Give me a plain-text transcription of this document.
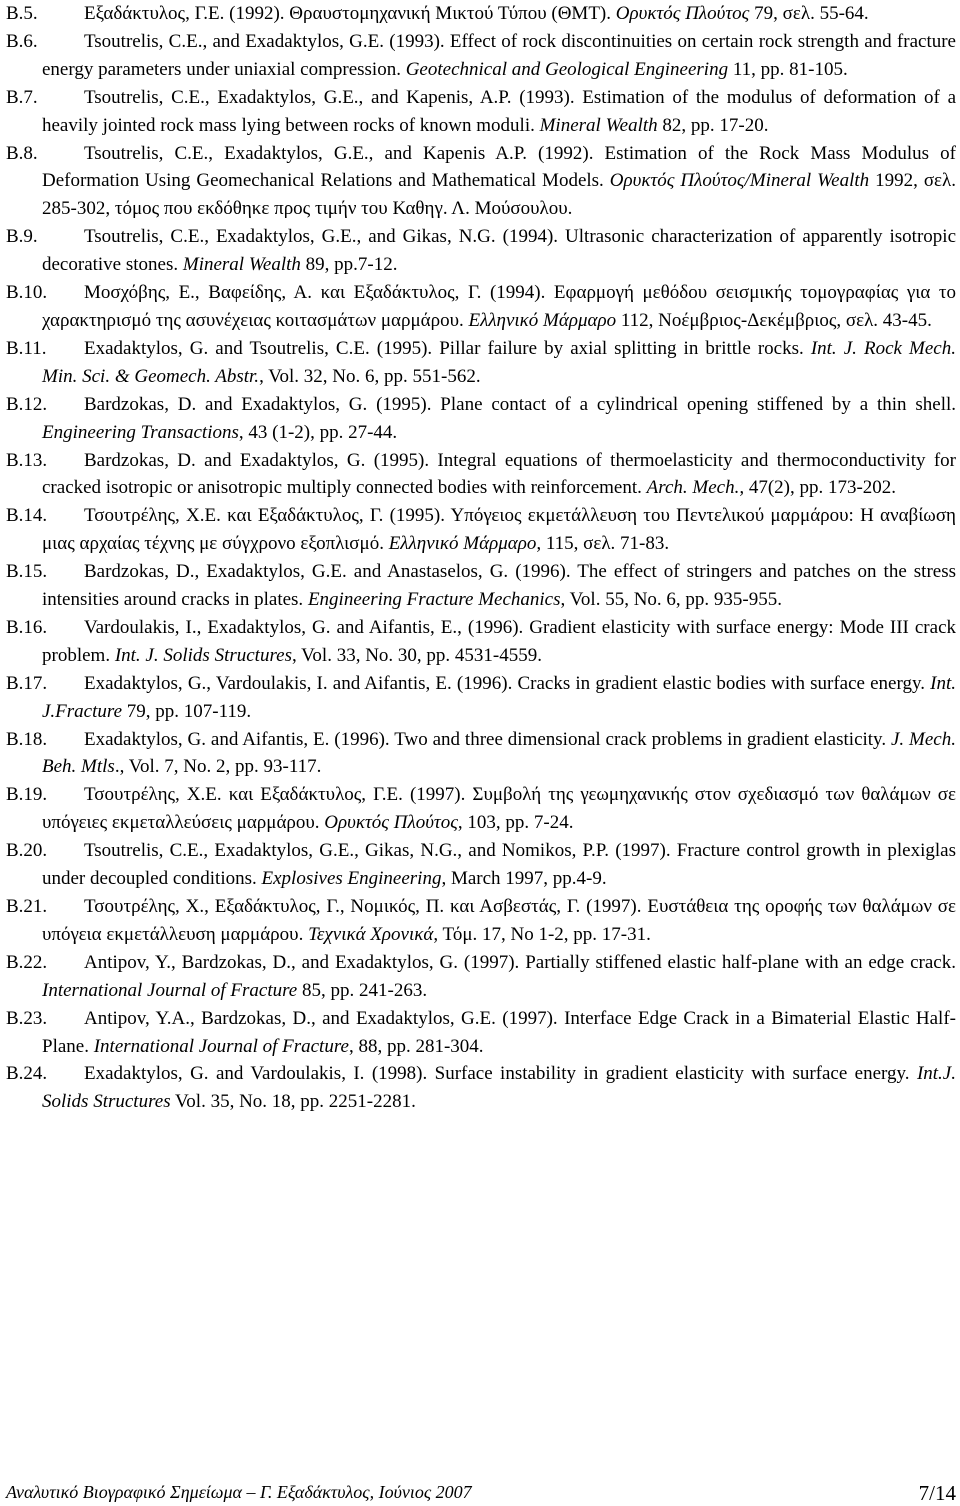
B.5.	Εξαδάκτυλος, Γ.Ε. (1992). Θραυστομηχανική Μικτού Τύπου (ΘΜΤ). Ορυκτός Πλούτος 79, σελ. 55-64.
B.6.	Tsoutrelis, C.E., and Exadaktylos, G.E. (1993). Effect of rock discontinuities on certain rock strength and fracture energy parameters under uniaxial compression. Geotechnical and Geological Engineering 11, pp. 81-105.
B.7.	Tsoutrelis, C.E., Exadaktylos, G.E., and Kapenis, A.P. (1993). Estimation of the modulus of deformation of a heavily jointed rock mass lying between rocks of known moduli. Mineral Wealth 82, pp. 17-20.
B.8.	Tsoutrelis, C.E., Exadaktylos, G.E., and Kapenis A.P. (1992). Estimation of the Rock Mass Modulus of Deformation Using Geomechanical Relations and Mathematical Models. Ορυκτός Πλούτος/Mineral Wealth 1992, σελ. 285-302, τόμος που εκδόθηκε προς τιμήν του Καθηγ. Λ. Μούσουλου.
B.9.	Tsoutrelis, C.E., Exadaktylos, G.E., and Gikas, N.G. (1994). Ultrasonic characterization of apparently isotropic decorative stones. Mineral Wealth 89, pp.7-12.
B.10.	Μοσχόβης, Ε., Βαφείδης, Α. και Εξαδάκτυλος, Γ. (1994). Εφαρμογή μεθόδου σεισμικής τομογραφίας για το χαρακτηρισμό της ασυνέχειας κοιτασμάτων μαρμάρου. Ελληνικό Μάρμαρο 112, Νοέμβριος-Δεκέμβριος, σελ. 43-45.
B.11.	Exadaktylos, G. and Tsoutrelis, C.E. (1995). Pillar failure by axial splitting in brittle rocks. Int. J. Rock Mech. Min. Sci. & Geomech. Abstr., Vol. 32, No. 6, pp. 551-562.
B.12.	Bardzokas, D. and Exadaktylos, G. (1995). Plane contact of a cylindrical opening stiffened by a thin shell. Engineering Transactions, 43 (1-2), pp. 27-44.
B.13.	Bardzokas, D. and Exadaktylos, G. (1995). Integral equations of thermoelasticity and thermoconductivity for cracked isotropic or anisotropic multiply connected bodies with reinforcement. Arch. Mech., 47(2), pp. 173-202.
B.14.	Τσουτρέλης, Χ.Ε. και Εξαδάκτυλος, Γ. (1995). Υπόγειος εκμετάλλευση του Πεντελικού μαρμάρου: Η αναβίωση μιας αρχαίας τέχνης με σύγχρονο εξοπλισμό. Ελληνικό Μάρμαρο, 115, σελ. 71-83.
B.15.	Bardzokas, D., Exadaktylos, G.E. and Anastaselos, G. (1996). The effect of stringers and patches on the stress intensities around cracks in plates. Engineering Fracture Mechanics, Vol. 55, No. 6, pp. 935-955.
B.16.	Vardoulakis, I., Exadaktylos, G. and Aifantis, E., (1996). Gradient elasticity with surface energy: Mode III crack problem. Int. J. Solids Structures, Vol. 33, No. 30, pp. 4531-4559.
B.17.	Exadaktylos, G., Vardoulakis, I. and Aifantis, E. (1996). Cracks in gradient elastic bodies with surface energy. Int. J.Fracture 79, pp. 107-119.
B.18.	Exadaktylos, G. and Aifantis, E. (1996). Two and three dimensional crack problems in gradient elasticity. J. Mech. Beh. Mtls., Vol. 7, No. 2, pp. 93-117.
B.19.	Τσουτρέλης, Χ.Ε. και Εξαδάκτυλος, Γ.Ε. (1997). Συμβολή της γεωμηχανικής στον σχεδιασμό των θαλάμων σε υπόγειες εκμεταλλεύσεις μαρμάρου. Ορυκτός Πλούτος, 103, pp. 7-24.
B.20.	Tsoutrelis, C.E., Exadaktylos, G.E., Gikas, N.G., and Nomikos, P.P. (1997). Fracture control growth in plexiglas under decoupled conditions. Explosives Engineering, March 1997, pp.4-9.
B.21.	Τσουτρέλης, Χ., Εξαδάκτυλος, Γ., Νομικός, Π. και Ασβεστάς, Γ. (1997). Ευστάθεια της οροφής των θαλάμων σε υπόγεια εκμετάλλευση μαρμάρου. Τεχνικά Χρονικά, Τόμ. 17, No 1-2, pp. 17-31.
B.22.	Antipov, Y., Bardzokas, D., and Exadaktylos, G. (1997). Partially stiffened elastic half-plane with an edge crack. International Journal of Fracture 85, pp. 241-263.
B.23.	Antipov, Y.A., Bardzokas, D., and Exadaktylos, G.E. (1997). Interface Edge Crack in a Bimaterial Elastic Half-Plane. International Journal of Fracture, 88, pp. 281-304.
B.24.	Exadaktylos, G. and Vardoulakis, I. (1998). Surface instability in gradient elasticity with surface energy. Int.J. Solids Structures Vol. 35, No. 18, pp. 2251-2281.
Αναλυτικό Βιογραφικό Σημείωμα – Γ. Εξαδάκτυλος, Ιούνιος 2007	7/14
